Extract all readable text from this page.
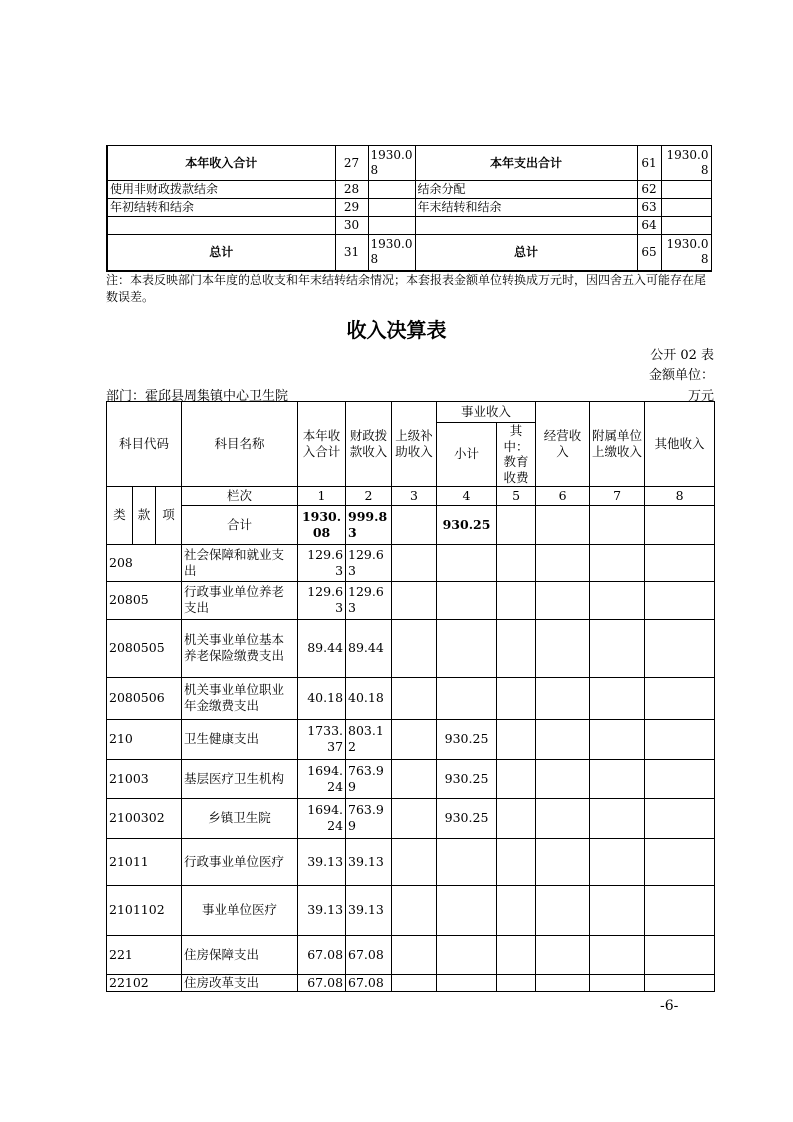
本年收入合计	27	1930.08	本年支出合计	61	1930.08
使用非财政拨款结余	28		结余分配	62	
年初结转和结余	29		年末结转和结余	63	
	30			64	
总计	31	1930.08	总计	65	1930.08
注：本表反映部门本年度的总收支和年末结转结余情况；本套报表金额单位转换成万元时，因四舍五入可能存在尾数误差。
收入决算表
公开 02 表
金额单位：
万元
部门：霍邱县周集镇中心卫生院
科目代码			科目名称	本年收入合计	财政拨款收入	上级补助收入	事业收入		经营收入	附属单位上缴收入	其他收入
							小计	其中：教育收费			
类	款	项	栏次	1	2	3	4	5	6	7	8
			合计	1930.08	999.83		930.25				
208			社会保障和就业支出	129.63	129.63						
20805			行政事业单位养老支出	129.63	129.63						
2080505			机关事业单位基本养老保险缴费支出	89.44	89.44						
2080506			机关事业单位职业年金缴费支出	40.18	40.18						
210			卫生健康支出	1733.37	803.12		930.25				
21003			基层医疗卫生机构	1694.24	763.99		930.25				
2100302			乡镇卫生院	1694.24	763.99		930.25				
21011			行政事业单位医疗	39.13	39.13						
2101102			事业单位医疗	39.13	39.13						
221			住房保障支出	67.08	67.08						
22102			住房改革支出	67.08	67.08						
-6-
